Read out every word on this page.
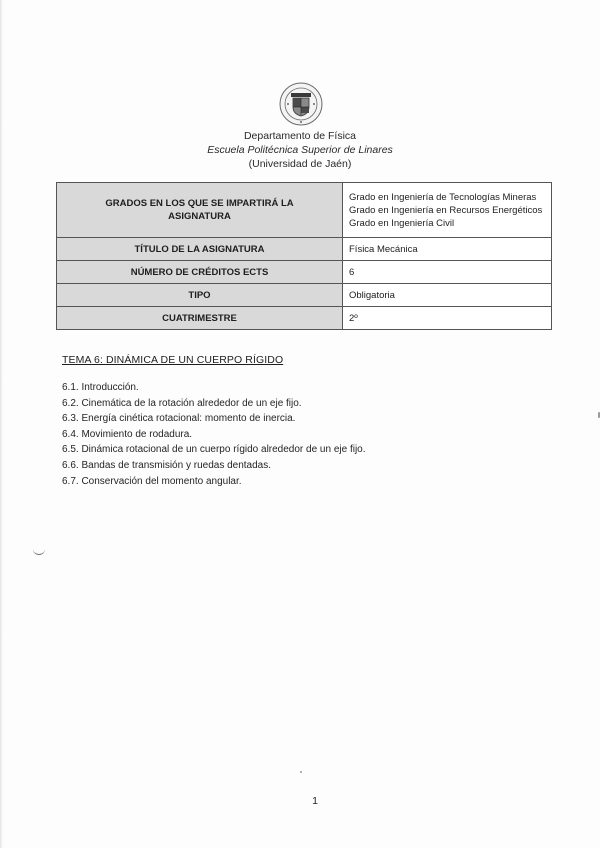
Departamento de Física
Escuela Politécnica Superior de Linares
(Universidad de Jaén)
GRADOS EN LOS QUE SE IMPARTIRÁ LA ASIGNATURA	Grado en Ingeniería de Tecnologías Mineras
Grado en Ingeniería en Recursos Energéticos
Grado en Ingeniería Civil

TÍTULO DE LA ASIGNATURA	Física Mecánica
NÚMERO DE CRÉDITOS ECTS	6
TIPO	Obligatoria
CUATRIMESTRE	2º
TEMA 6: DINÁMICA DE UN CUERPO RÍGIDO
6.1. Introducción.
6.2. Cinemática de la rotación alrededor de un eje fijo.
6.3. Energía cinética rotacional: momento de inercia.
6.4. Movimiento de rodadura.
6.5. Dinámica rotacional de un cuerpo rígido alrededor de un eje fijo.
6.6. Bandas de transmisión y ruedas dentadas.
6.7. Conservación del momento angular.
1
